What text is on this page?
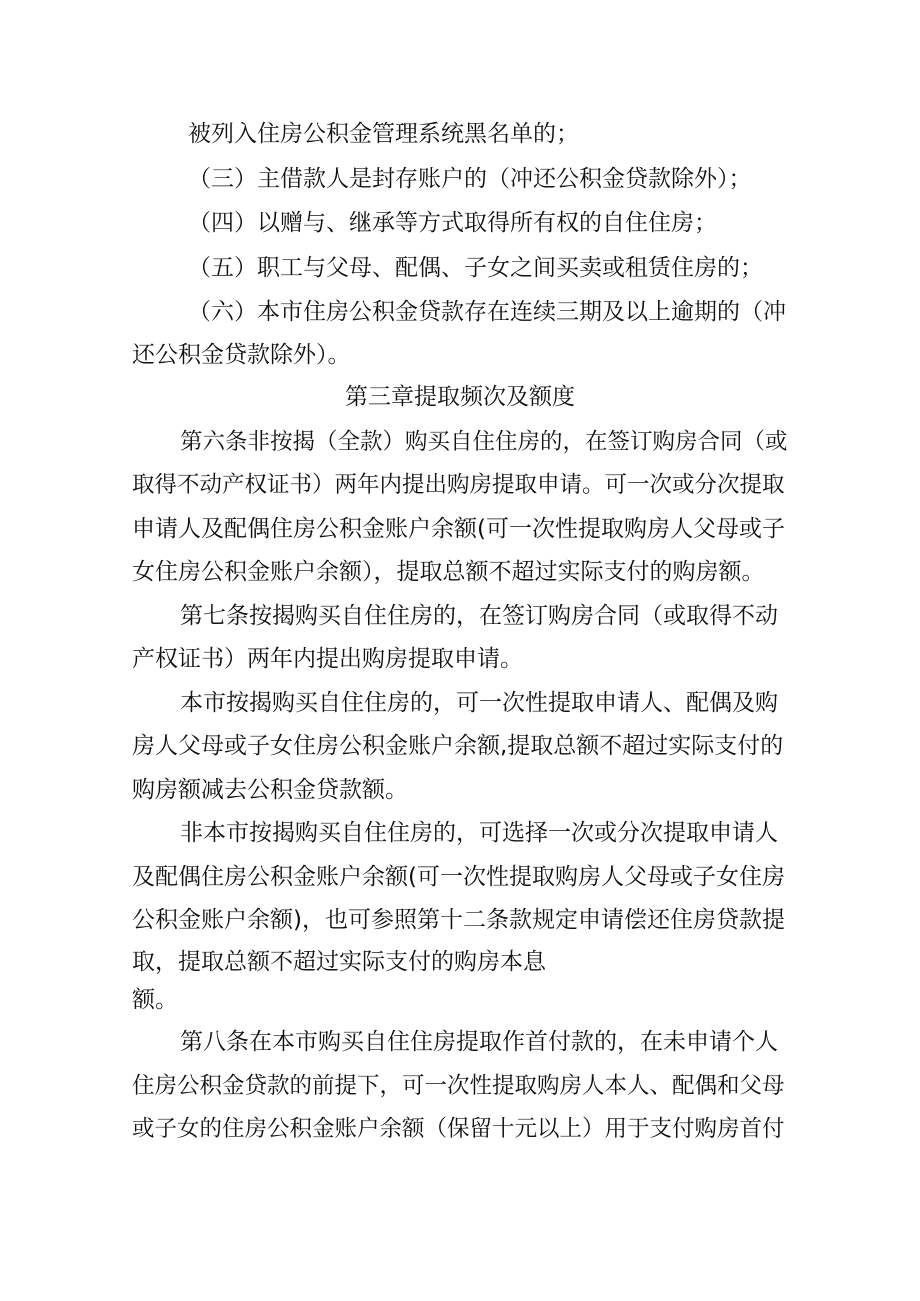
被列入住房公积金管理系统黑名单的；
（三）主借款人是封存账户的（冲还公积金贷款除外）；
（四）以赠与、继承等方式取得所有权的自住住房；
（五）职工与父母、配偶、子女之间买卖或租赁住房的；
（六）本市住房公积金贷款存在连续三期及以上逾期的（冲
还公积金贷款除外）。
第三章提取频次及额度
第六条非按揭（全款）购买自住住房的，在签订购房合同（或
取得不动产权证书）两年内提出购房提取申请。可一次或分次提取
申请人及配偶住房公积金账户余额(可一次性提取购房人父母或子
女住房公积金账户余额），提取总额不超过实际支付的购房额。
第七条按揭购买自住住房的，在签订购房合同（或取得不动
产权证书）两年内提出购房提取申请。
本市按揭购买自住住房的，可一次性提取申请人、配偶及购
房人父母或子女住房公积金账户余额,提取总额不超过实际支付的
购房额减去公积金贷款额。
非本市按揭购买自住住房的，可选择一次或分次提取申请人
及配偶住房公积金账户余额(可一次性提取购房人父母或子女住房
公积金账户余额)，也可参照第十二条款规定申请偿还住房贷款提
取，提取总额不超过实际支付的购房本息
额。
第八条在本市购买自住住房提取作首付款的，在未申请个人
住房公积金贷款的前提下，可一次性提取购房人本人、配偶和父母
或子女的住房公积金账户余额（保留十元以上）用于支付购房首付
